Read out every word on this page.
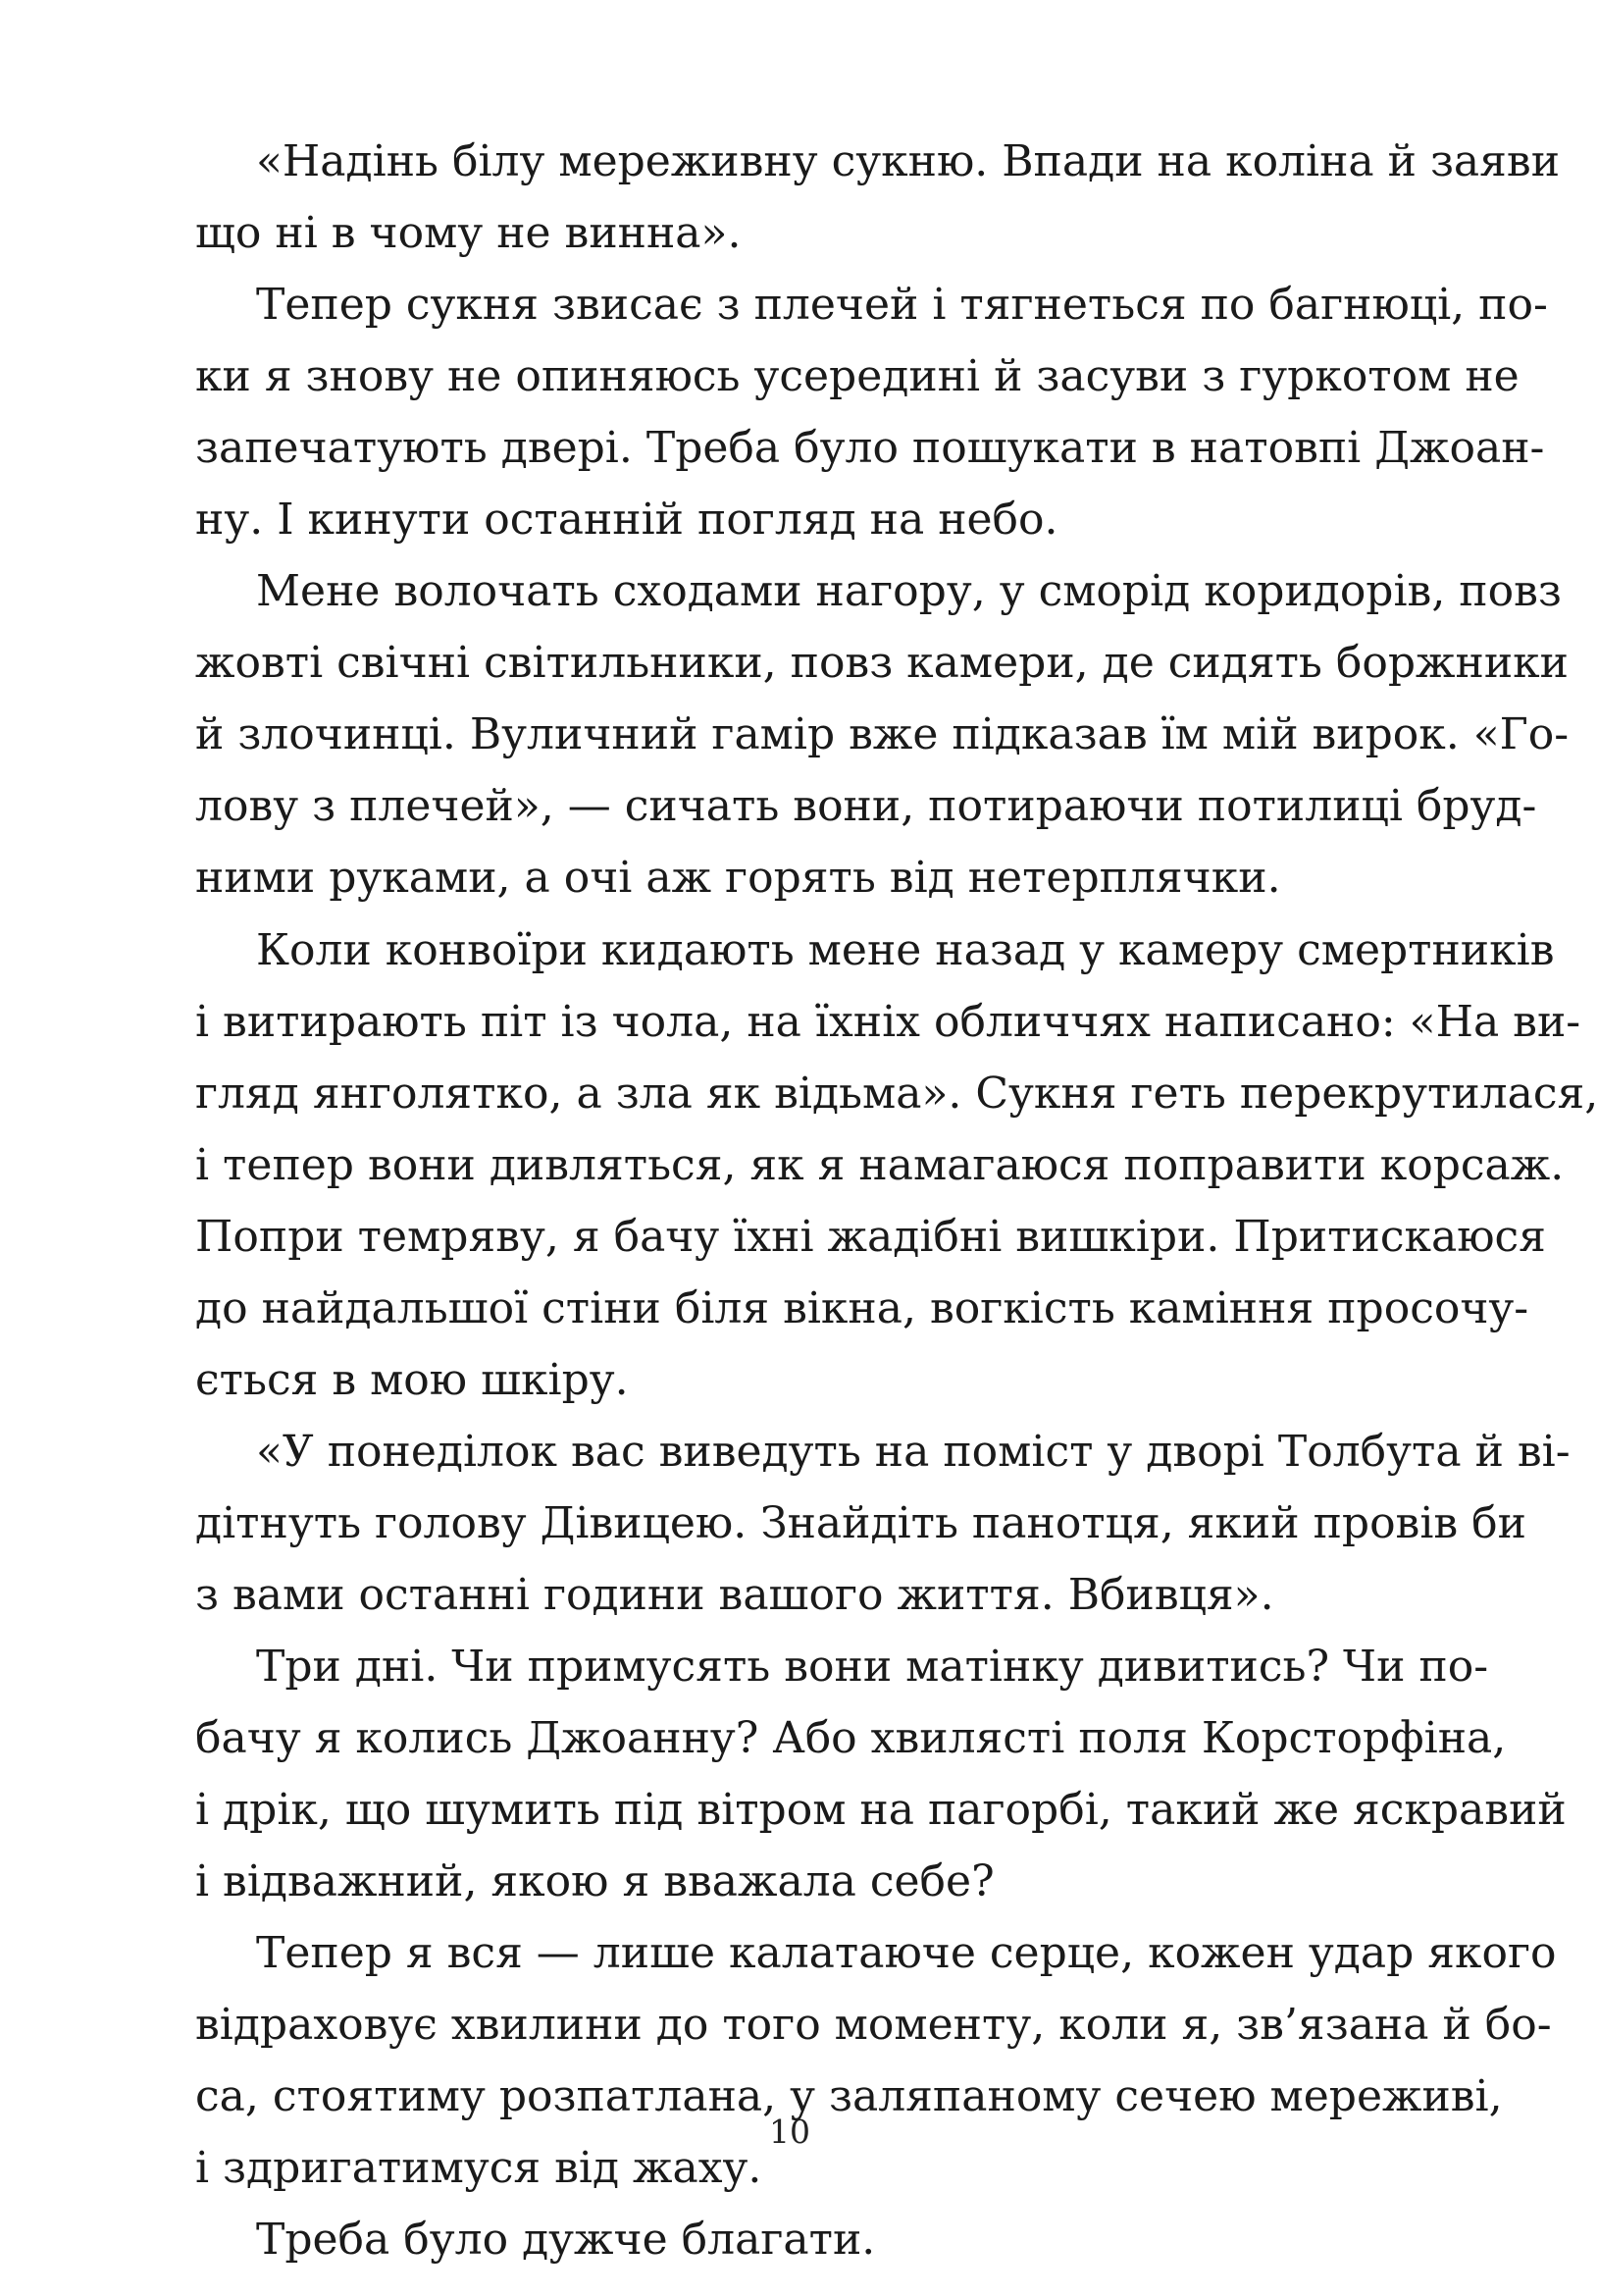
«Надінь білу мереживну сукню. Впади на коліна й заяви
що ні в чому не винна».
Тепер сукня звисає з плечей і тягнеться по багнюці, по-
ки я знову не опиняюсь усередині й засуви з гуркотом не
запечатують двері. Треба було пошукати в натовпі Джоан-
ну. І кинути останній погляд на небо.
Мене волочать сходами нагору, у сморід коридорів, повз
жовті свічні світильники, повз камери, де сидять боржники
й злочинці. Вуличний гамір вже підказав їм мій вирок. «Го-
лову з плечей», — сичать вони, потираючи потилиці бруд-
ними руками, а очі аж горять від нетерплячки.
Коли конвоїри кидають мене назад у камеру смертників
і витирають піт із чола, на їхніх обличчях написано: «На ви-
гляд янголятко, а зла як відьма». Сукня геть перекрутилася,
і тепер вони дивляться, як я намагаюся поправити корсаж.
Попри темряву, я бачу їхні жадібні вишкіри. Притискаюся
до найдальшої стіни біля вікна, вогкість каміння просочу-
ється в мою шкіру.
«У понеділок вас виведуть на поміст у дворі Толбута й ві-
дітнуть голову Дівицею. Знайдіть панотця, який провів би
з вами останні години вашого життя. Вбивця».
Три дні. Чи примусять вони матінку дивитись? Чи по-
бачу я колись Джоанну? Або хвилясті поля Корсторфіна,
і дрік, що шумить під вітром на пагорбі, такий же яскравий
і відважний, якою я вважала себе?
Тепер я вся — лише калатаюче серце, кожен удар якого
відраховує хвилини до того моменту, коли я, зв’язана й бо-
са, стоятиму розпатлана, у заляпаному сечею мереживі,
і здригатимуся від жаху.
Треба було дужче благати.
10
